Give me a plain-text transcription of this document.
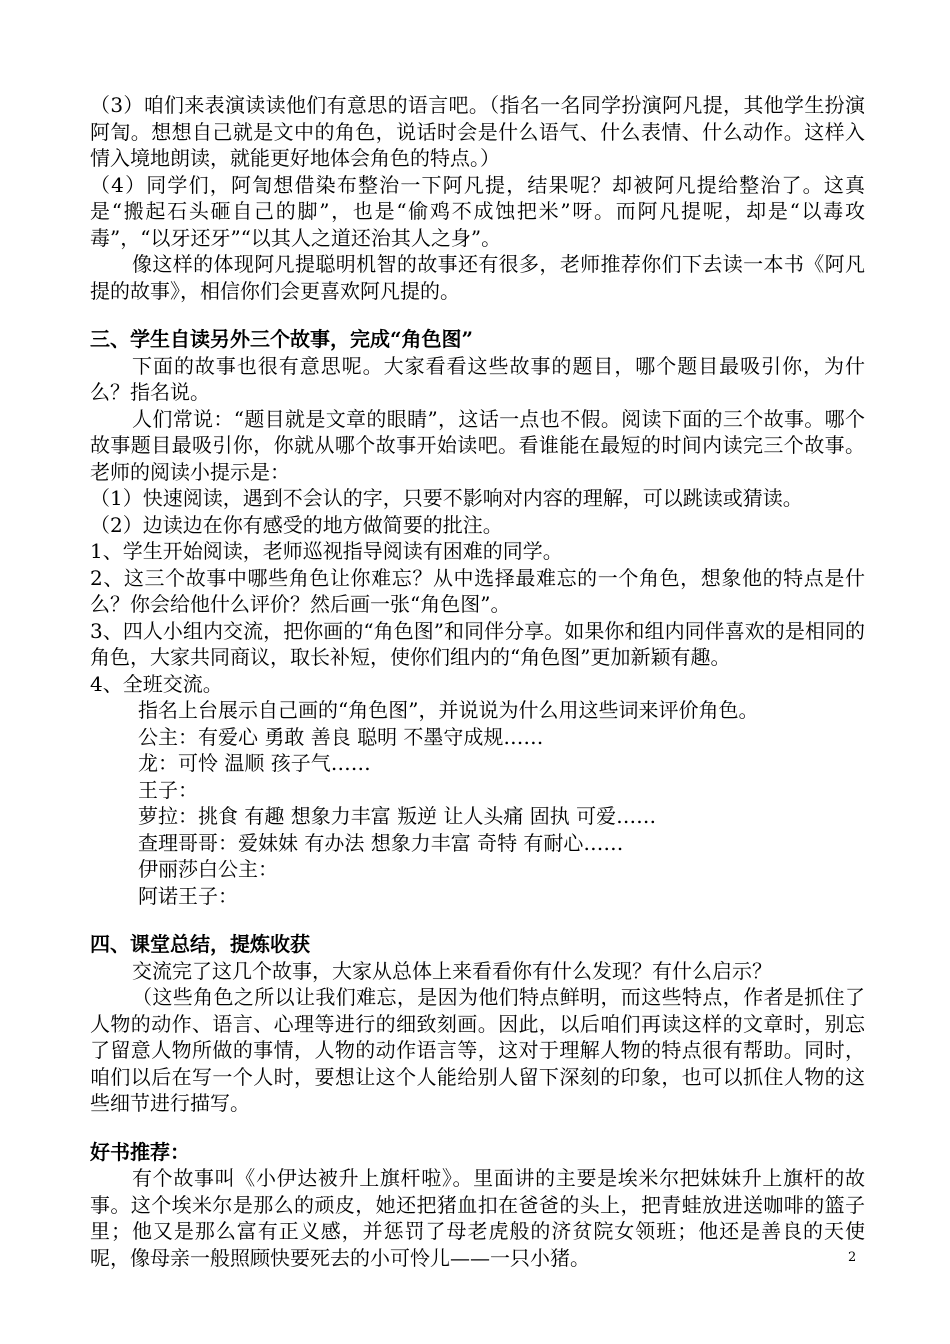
（3）咱们来表演读读他们有意思的语言吧。（指名一名同学扮演阿凡提，其他学生扮演阿訇。想想自己就是文中的角色，说话时会是什么语气、什么表情、什么动作。这样入情入境地朗读，就能更好地体会角色的特点。）

（4）同学们，阿訇想借染布整治一下阿凡提，结果呢？却被阿凡提给整治了。这真是“搬起石头砸自己的脚”，也是“偷鸡不成蚀把米”呀。而阿凡提呢，却是“以毒攻毒”，“以牙还牙”“以其人之道还治其人之身”。

像这样的体现阿凡提聪明机智的故事还有很多，老师推荐你们下去读一本书《阿凡提的故事》，相信你们会更喜欢阿凡提的。

三、学生自读另外三个故事，完成“角色图”

下面的故事也很有意思呢。大家看看这些故事的题目，哪个题目最吸引你，为什么？指名说。

人们常说：“题目就是文章的眼睛”，这话一点也不假。阅读下面的三个故事。哪个故事题目最吸引你，你就从哪个故事开始读吧。看谁能在最短的时间内读完三个故事。老师的阅读小提示是：

（1）快速阅读，遇到不会认的字，只要不影响对内容的理解，可以跳读或猜读。

（2）边读边在你有感受的地方做简要的批注。

1、学生开始阅读，老师巡视指导阅读有困难的同学。

2、这三个故事中哪些角色让你难忘？从中选择最难忘的一个角色，想象他的特点是什么？你会给他什么评价？然后画一张“角色图”。

3、四人小组内交流，把你画的“角色图”和同伴分享。如果你和组内同伴喜欢的是相同的角色，大家共同商议，取长补短，使你们组内的“角色图”更加新颖有趣。

4、全班交流。

指名上台展示自己画的“角色图”，并说说为什么用这些词来评价角色。

公主：有爱心 勇敢 善良 聪明 不墨守成规……

龙：可怜 温顺 孩子气……

王子：

萝拉：挑食 有趣 想象力丰富 叛逆 让人头痛 固执 可爱……

查理哥哥：爱妹妹 有办法 想象力丰富 奇特 有耐心……

伊丽莎白公主：

阿诺王子：

四、课堂总结，提炼收获

交流完了这几个故事，大家从总体上来看看你有什么发现？有什么启示？

（这些角色之所以让我们难忘，是因为他们特点鲜明，而这些特点，作者是抓住了人物的动作、语言、心理等进行的细致刻画。因此，以后咱们再读这样的文章时，别忘了留意人物所做的事情，人物的动作语言等，这对于理解人物的特点很有帮助。同时，咱们以后在写一个人时，要想让这个人能给别人留下深刻的印象，也可以抓住人物的这些细节进行描写。

好书推荐：

有个故事叫《小伊达被升上旗杆啦》。里面讲的主要是埃米尔把妹妹升上旗杆的故事。这个埃米尔是那么的顽皮，她还把猪血扣在爸爸的头上，把青蛙放进送咖啡的篮子里；他又是那么富有正义感，并惩罚了母老虎般的济贫院女领班；他还是善良的天使呢，像母亲一般照顾快要死去的小可怜儿——一只小猪。	2
